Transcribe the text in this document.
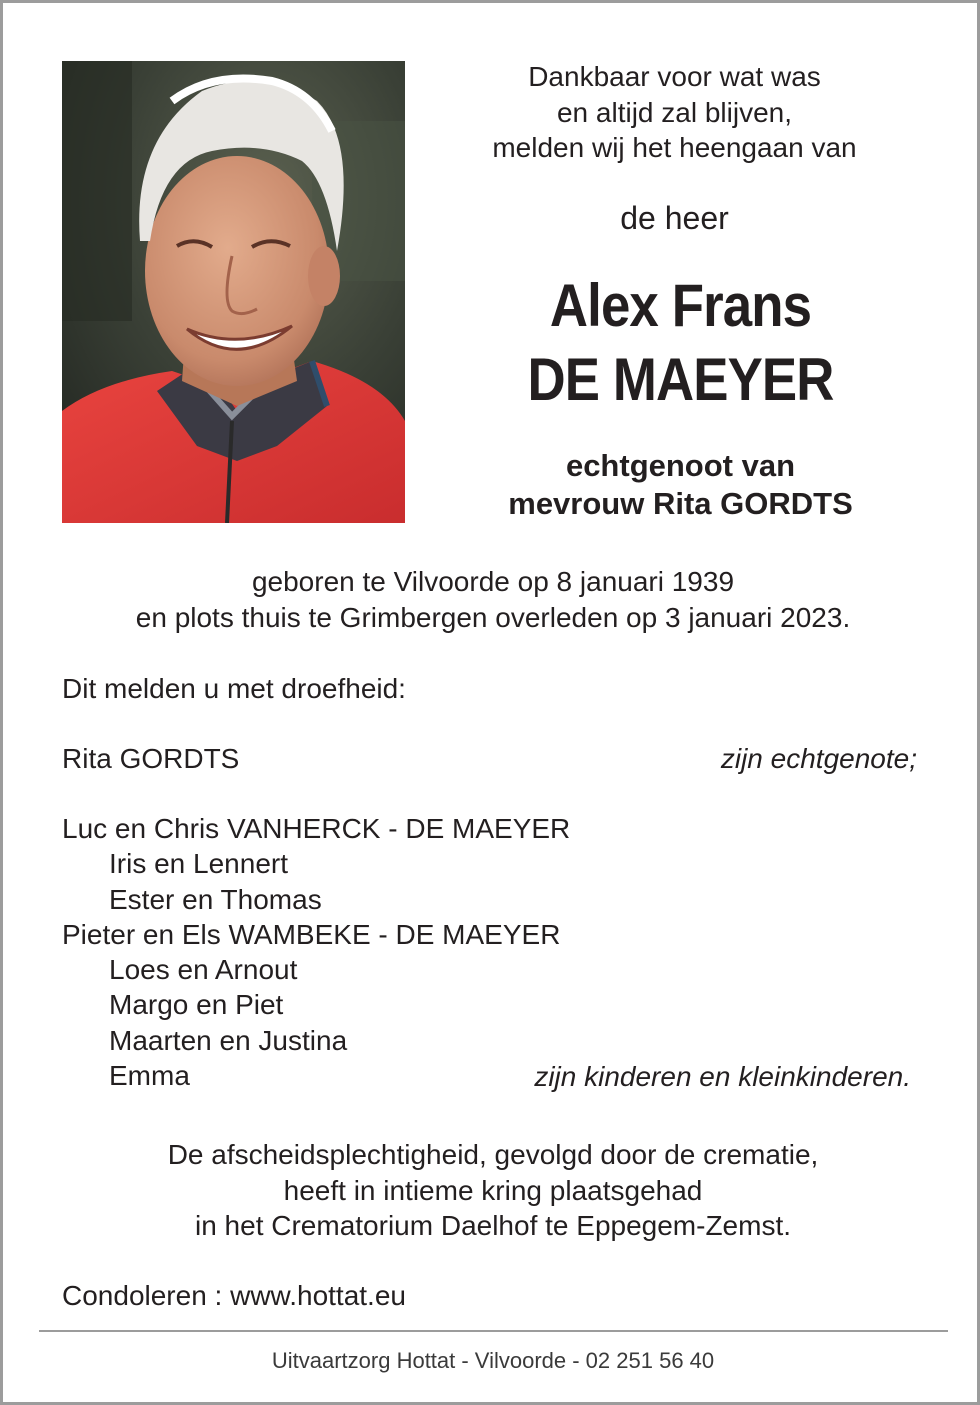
Dankbaar voor wat was
en altijd zal blijven,
melden wij het heengaan van
de heer
Alex Frans
DE MAEYER
echtgenoot van
mevrouw Rita GORDTS
geboren te Vilvoorde op 8 januari 1939
en plots thuis te Grimbergen overleden op 3 januari 2023.
Dit melden u met droefheid:
Rita GORDTS	zijn echtgenote;
Luc en Chris VANHERCK - DE MAEYER
Iris en Lennert
Ester en Thomas
Pieter en Els WAMBEKE - DE MAEYER
Loes en Arnout
Margo en Piet
Maarten en Justina
Emma	zijn kinderen en kleinkinderen.
De afscheidsplechtigheid, gevolgd door de crematie,
heeft in intieme kring plaatsgehad
in het Crematorium Daelhof te Eppegem-Zemst.
Condoleren : www.hottat.eu
Uitvaartzorg Hottat - Vilvoorde - 02 251 56 40
